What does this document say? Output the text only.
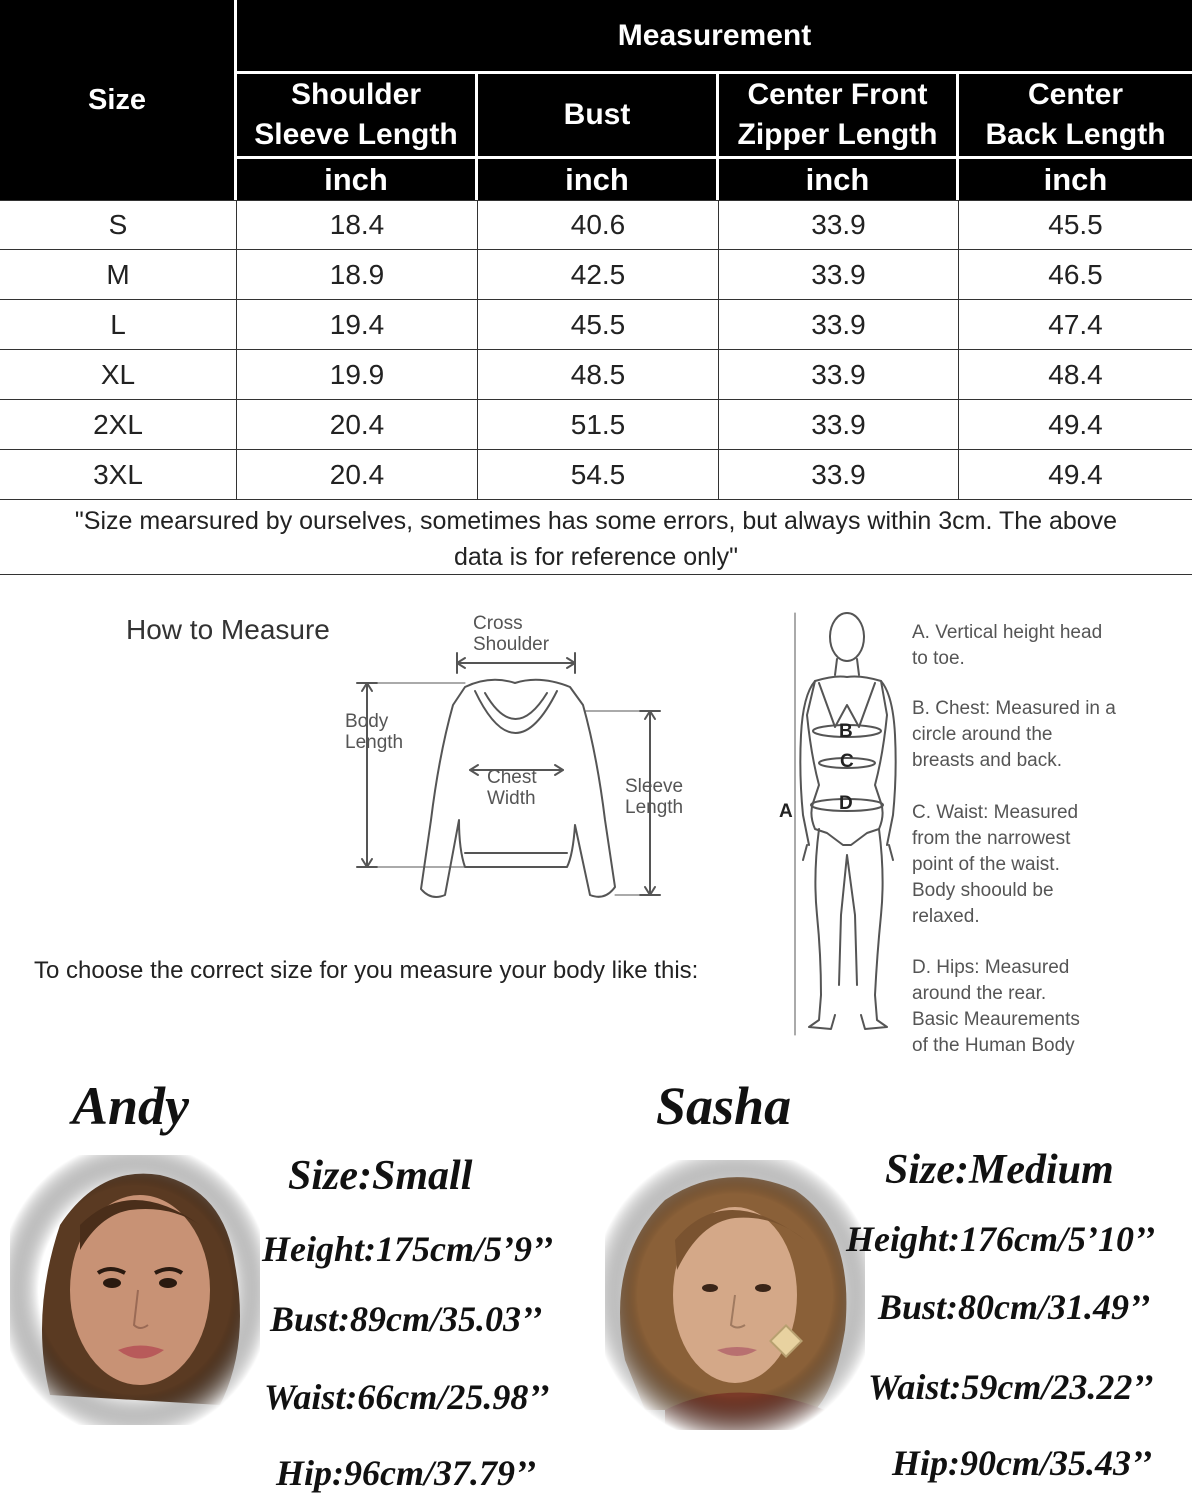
Size
Measurement
Shoulder
Sleeve Length
Bust
Center Front
Zipper Length
Center
Back Length
inch	inch	inch	inch
S	18.4	40.6	33.9	45.5
M	18.9	42.5	33.9	46.5
L	19.4	45.5	33.9	47.4
XL	19.9	48.5	33.9	48.4
2XL	20.4	51.5	33.9	49.4
3XL	20.4	54.5	33.9	49.4
"Size mearsured by ourselves, sometimes has some errors, but always within 3cm. The above
data is for reference only"
How to Measure	Cross
Shoulder
Body
Length
Chest
Width
Sleeve
Length
To choose the correct size for you measure your body like this:
A
B
C
D
A. Vertical height head
to toe.
B. Chest: Measured in a
circle around the
breasts and back.
C. Waist: Measured
from the narrowest
point of the waist.
Body shoould be
relaxed.
D. Hips: Measured
around the rear.
Basic Meaurements
of the Human Body
Andy	Sasha
Size:Small
Height:175cm/5’9’’
Bust:89cm/35.03’’
Waist:66cm/25.98’’
Hip:96cm/37.79’’
Size:Medium
Height:176cm/5’10’’
Bust:80cm/31.49’’
Waist:59cm/23.22’’
Hip:90cm/35.43’’
